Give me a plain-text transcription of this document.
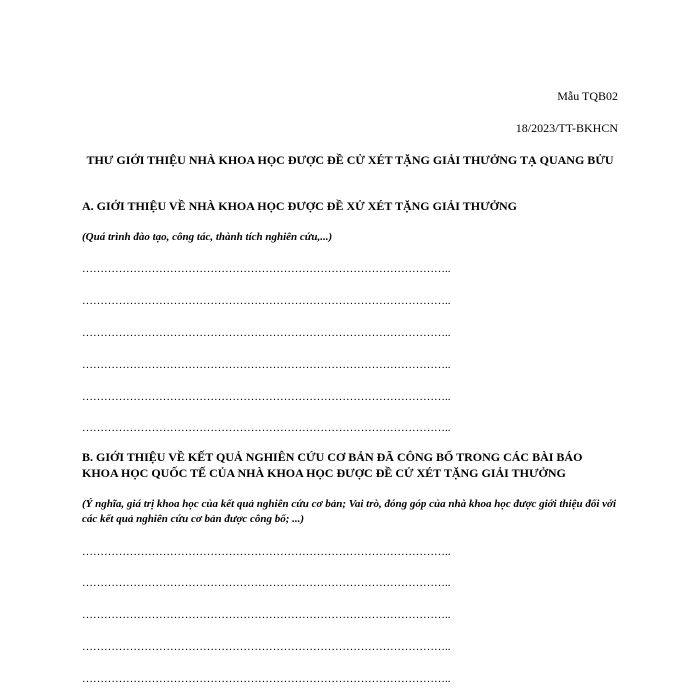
Mẫu TQB02
18/2023/TT-BKHCN
THƯ GIỚI THIỆU NHÀ KHOA HỌC ĐƯỢC ĐỀ CỬ XÉT TẶNG GIẢI THƯỞNG TẠ QUANG BỬU
A. GIỚI THIỆU VỀ NHÀ KHOA HỌC ĐƯỢC ĐỀ XỬ XÉT TẶNG GIẢI THƯỞNG
(Quá trình đào tạo, công tác, thành tích nghiên cứu,...)
………………………………………………………………………………………..
………………………………………………………………………………………..
………………………………………………………………………………………..
………………………………………………………………………………………..
………………………………………………………………………………………..
………………………………………………………………………………………..
B. GIỚI THIỆU VỀ KẾT QUẢ NGHIÊN CỨU CƠ BẢN ĐÃ CÔNG BỐ TRONG CÁC BÀI BÁO KHOA HỌC QUỐC TẾ CỦA NHÀ KHOA HỌC ĐƯỢC ĐỀ CỬ XÉT TẶNG GIẢI THƯỞNG
(Ý nghĩa, giá trị khoa học của kết quả nghiên cứu cơ bản; Vai trò, đóng góp của nhà khoa học được giới thiệu đối với các kết quả nghiên cứu cơ bản được công bố; ...)
………………………………………………………………………………………..
………………………………………………………………………………………..
………………………………………………………………………………………..
………………………………………………………………………………………..
………………………………………………………………………………………..
